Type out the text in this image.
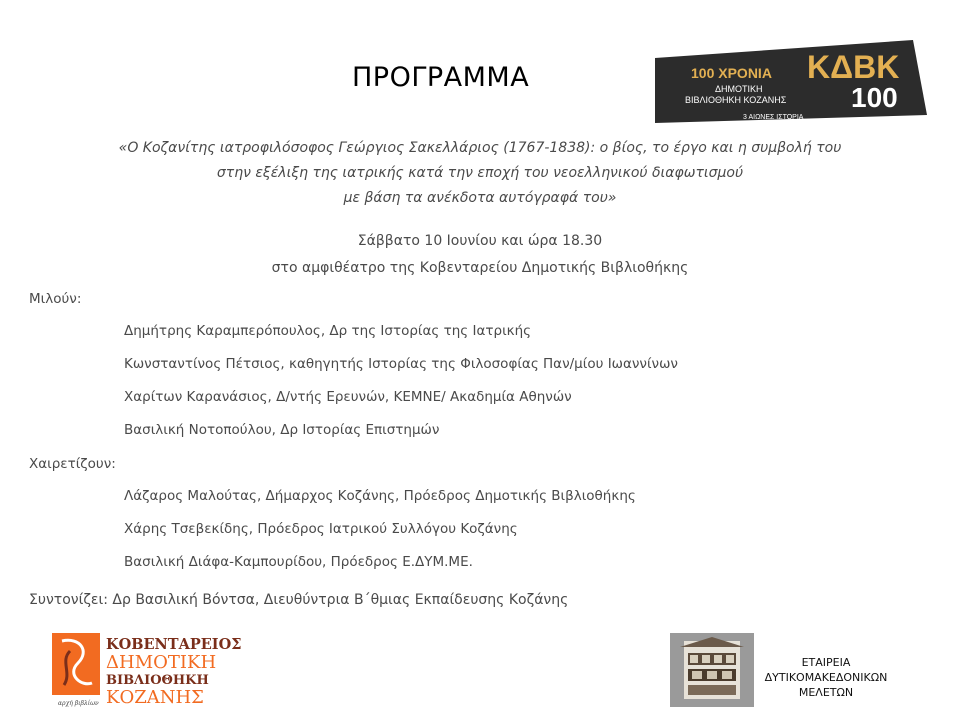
ΠΡΟΓΡΑΜΜΑ	100 ΧΡΟΝΙΑ
ΔΗΜΟΤΙΚΗ
ΒΙΒΛΙΟΘΗΚΗ ΚΟΖΑΝΗΣ
ΚΔΒΚ
100
3 ΑΙΩΝΕΣ ΙΣΤΟΡΙΑ
«Ο Κοζανίτης ιατροφιλόσοφος Γεώργιος Σακελλάριος (1767-1838): ο βίος, το έργο και η συμβολή του
στην εξέλιξη της ιατρικής κατά την εποχή του νεοελληνικού διαφωτισμού
με βάση τα ανέκδοτα αυτόγραφά του»
Σάββατο 10 Ιουνίου και ώρα 18.30
στο αμφιθέατρο της Κοβενταρείου Δημοτικής Βιβλιοθήκης
Μιλούν:
Δημήτρης Καραμπερόπουλος, Δρ της Ιστορίας της Ιατρικής
Κωνσταντίνος Πέτσιος, καθηγητής Ιστορίας της Φιλοσοφίας Παν/μίου Ιωαννίνων
Χαρίτων Καρανάσιος, Δ/ντής Ερευνών, ΚΕΜΝΕ/ Ακαδημία Αθηνών
Βασιλική Νοτοπούλου, Δρ Ιστορίας Επιστημών
Χαιρετίζουν:
Λάζαρος Μαλούτας, Δήμαρχος Κοζάνης, Πρόεδρος Δημοτικής Βιβλιοθήκης
Χάρης Τσεβεκίδης, Πρόεδρος Ιατρικού Συλλόγου Κοζάνης
Βασιλική Διάφα-Καμπουρίδου, Πρόεδρος Ε.ΔΥΜ.ΜΕ.
Συντονίζει: Δρ Βασιλική Βόντσα, Διευθύντρια Β΄θμιας Εκπαίδευσης Κοζάνης
αρχή βιβλίων
ΚΟΒΕΝΤΑΡΕΙΟΣ
ΔΗΜΟΤΙΚΗ
ΒΙΒΛΙΟΘΗΚΗ
ΚΟΖΑΝΗΣ
ΕΤΑΙΡΕΙΑ
ΔΥΤΙΚΟΜΑΚΕΔΟΝΙΚΩΝ
ΜΕΛΕΤΩΝ
